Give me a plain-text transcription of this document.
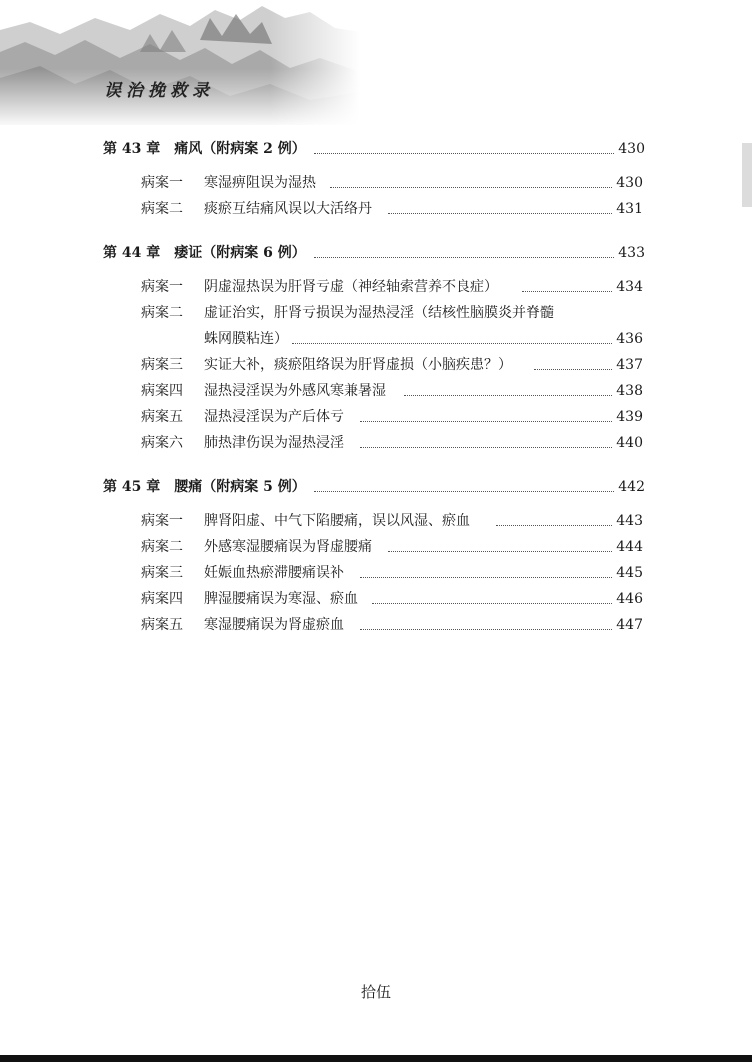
误治挽救录
第 43 章　痛风（附病案 2 例）	430
病案一 寒湿痹阻误为湿热	430
病案二 痰瘀互结痛风误以大活络丹	431
第 44 章　痿证（附病案 6 例）	433
病案一 阴虚湿热误为肝肾亏虚（神经轴索营养不良症）	434
病案二 虚证治实，肝肾亏损误为湿热浸淫（结核性脑膜炎并脊髓
蛛网膜粘连）	436
病案三 实证大补，痰瘀阻络误为肝肾虚损（小脑疾患？）	437
病案四 湿热浸淫误为外感风寒兼暑湿	438
病案五 湿热浸淫误为产后体亏	439
病案六 肺热津伤误为湿热浸淫	440
第 45 章　腰痛（附病案 5 例）	442
病案一 脾肾阳虚、中气下陷腰痛，误以风湿、瘀血	443
病案二 外感寒湿腰痛误为肾虚腰痛	444
病案三 妊娠血热瘀滞腰痛误补	445
病案四 脾湿腰痛误为寒湿、瘀血	446
病案五 寒湿腰痛误为肾虚瘀血	447
拾伍
